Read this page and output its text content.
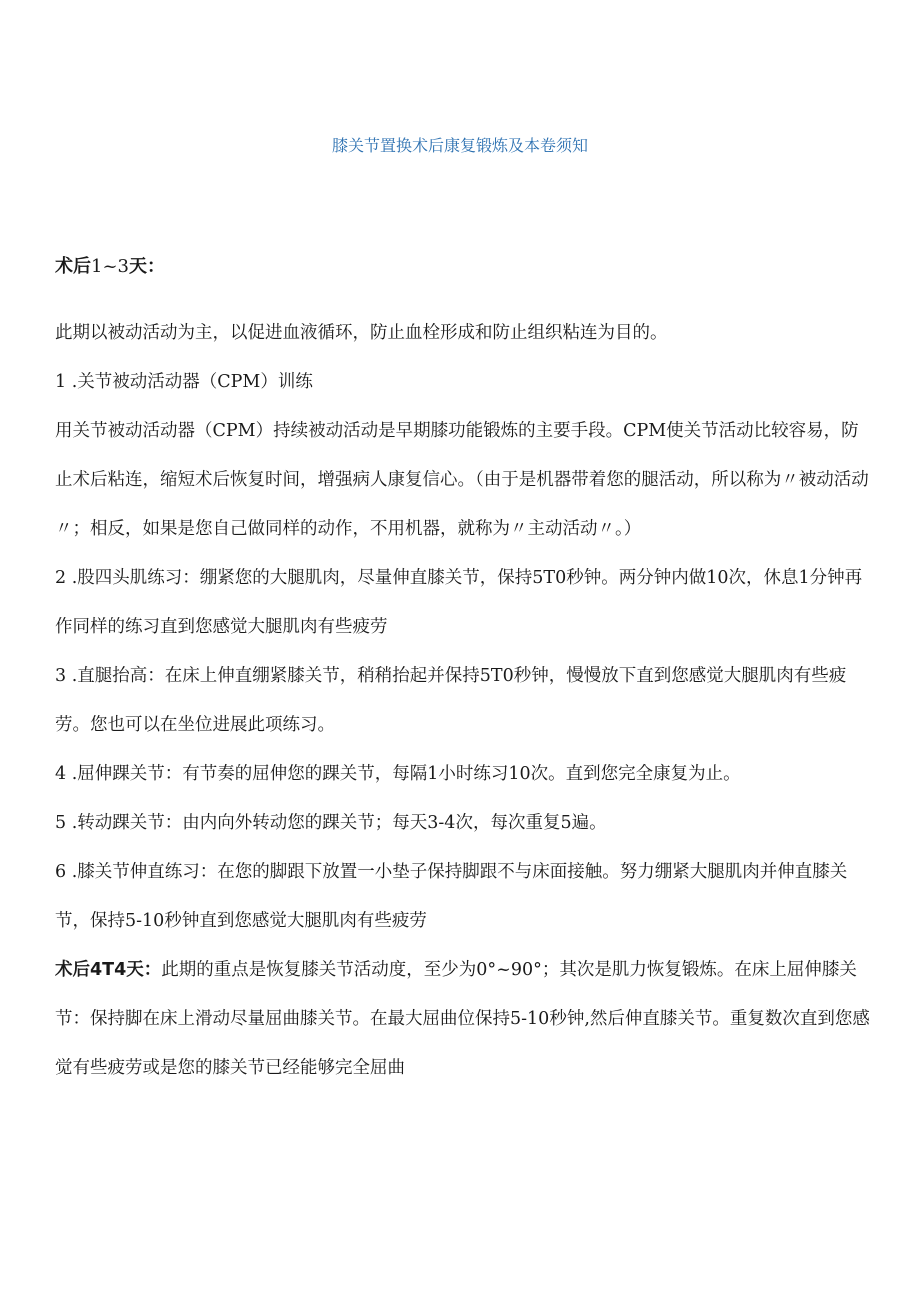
膝关节置换术后康复锻炼及本卷须知
术后1~3天：

此期以被动活动为主，以促进血液循环，防止血栓形成和防止组织粘连为目的。

1 .关节被动活动器（CPM）训练

用关节被动活动器（CPM）持续被动活动是早期膝功能锻炼的主要手段。CPM使关节活动比较容易，防止术后粘连，缩短术后恢复时间，增强病人康复信心。（由于是机器带着您的腿活动，所以称为〃被动活动〃；相反，如果是您自己做同样的动作，不用机器，就称为〃主动活动〃。）

2 .股四头肌练习：绷紧您的大腿肌肉，尽量伸直膝关节，保持5T0秒钟。两分钟内做10次，休息1分钟再作同样的练习直到您感觉大腿肌肉有些疲劳

3 .直腿抬高：在床上伸直绷紧膝关节，稍稍抬起并保持5T0秒钟，慢慢放下直到您感觉大腿肌肉有些疲劳。您也可以在坐位进展此项练习。

4 .屈伸踝关节：有节奏的屈伸您的踝关节，每隔1小时练习10次。直到您完全康复为止。

5 .转动踝关节：由内向外转动您的踝关节；每天3-4次，每次重复5遍。

6 .膝关节伸直练习：在您的脚跟下放置一小垫子保持脚跟不与床面接触。努力绷紧大腿肌肉并伸直膝关节，保持5-10秒钟直到您感觉大腿肌肉有些疲劳

术后4T4天：此期的重点是恢复膝关节活动度，至少为0°~90°；其次是肌力恢复锻炼。在床上屈伸膝关节：保持脚在床上滑动尽量屈曲膝关节。在最大屈曲位保持5-10秒钟,然后伸直膝关节。重复数次直到您感觉有些疲劳或是您的膝关节已经能够完全屈曲
